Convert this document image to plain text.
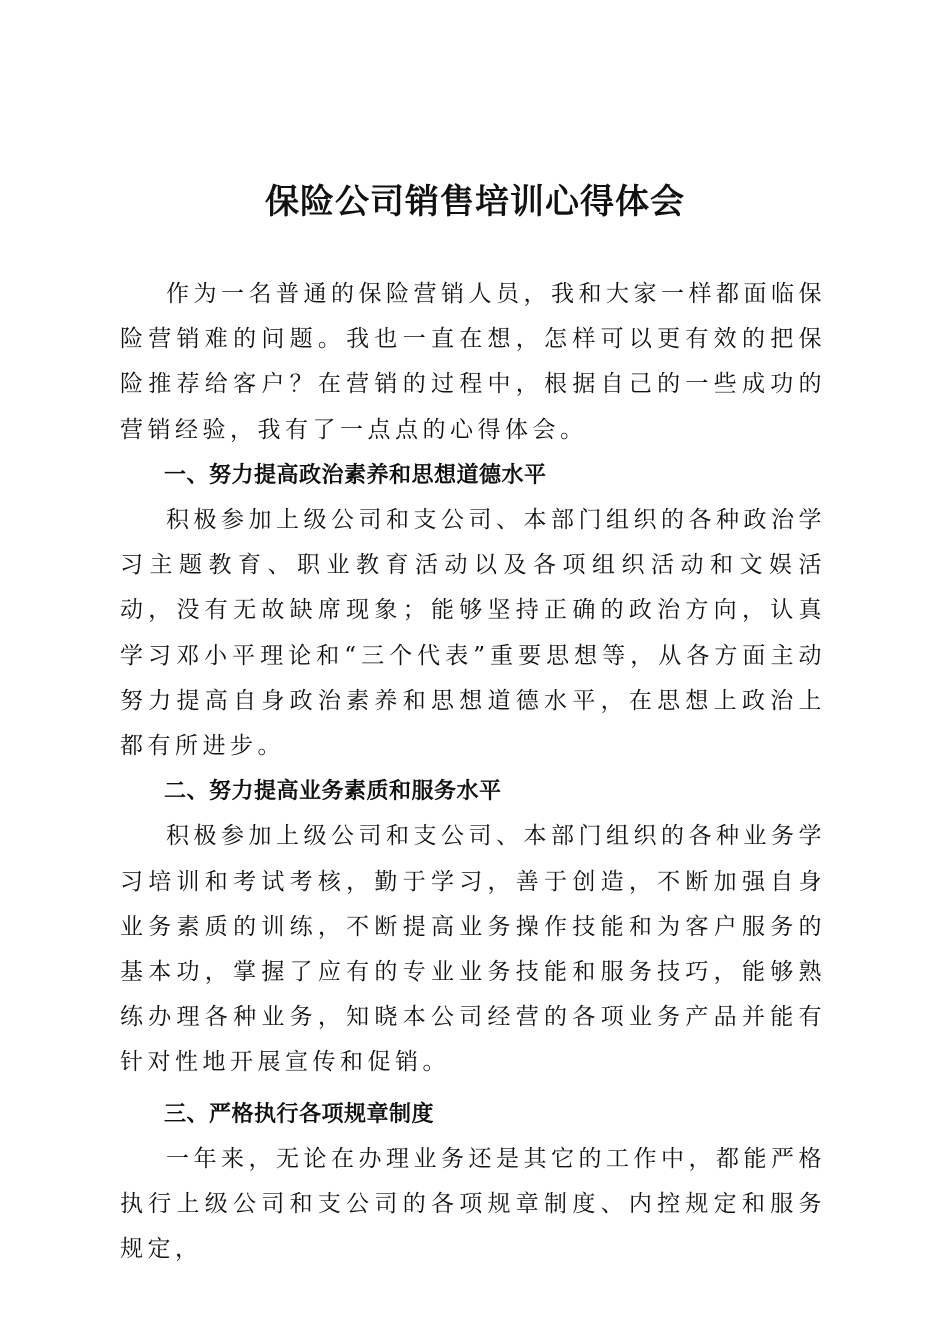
保险公司销售培训心得体会

作为一名普通的保险营销人员，我和大家一样都面临保险营销难的问题。我也一直在想，怎样可以更有效的把保险推荐给客户？在营销的过程中，根据自己的一些成功的营销经验，我有了一点点的心得体会。

一、努力提高政治素养和思想道德水平

积极参加上级公司和支公司、本部门组织的各种政治学习主题教育、职业教育活动以及各项组织活动和文娱活动，没有无故缺席现象；能够坚持正确的政治方向，认真学习邓小平理论和“三个代表”重要思想等，从各方面主动努力提高自身政治素养和思想道德水平，在思想上政治上都有所进步。

二、努力提高业务素质和服务水平

积极参加上级公司和支公司、本部门组织的各种业务学习培训和考试考核，勤于学习，善于创造，不断加强自身业务素质的训练，不断提高业务操作技能和为客户服务的基本功，掌握了应有的专业业务技能和服务技巧，能够熟练办理各种业务，知晓本公司经营的各项业务产品并能有针对性地开展宣传和促销。

三、严格执行各项规章制度

一年来，无论在办理业务还是其它的工作中，都能严格执行上级公司和支公司的各项规章制度、内控规定和服务规定，
